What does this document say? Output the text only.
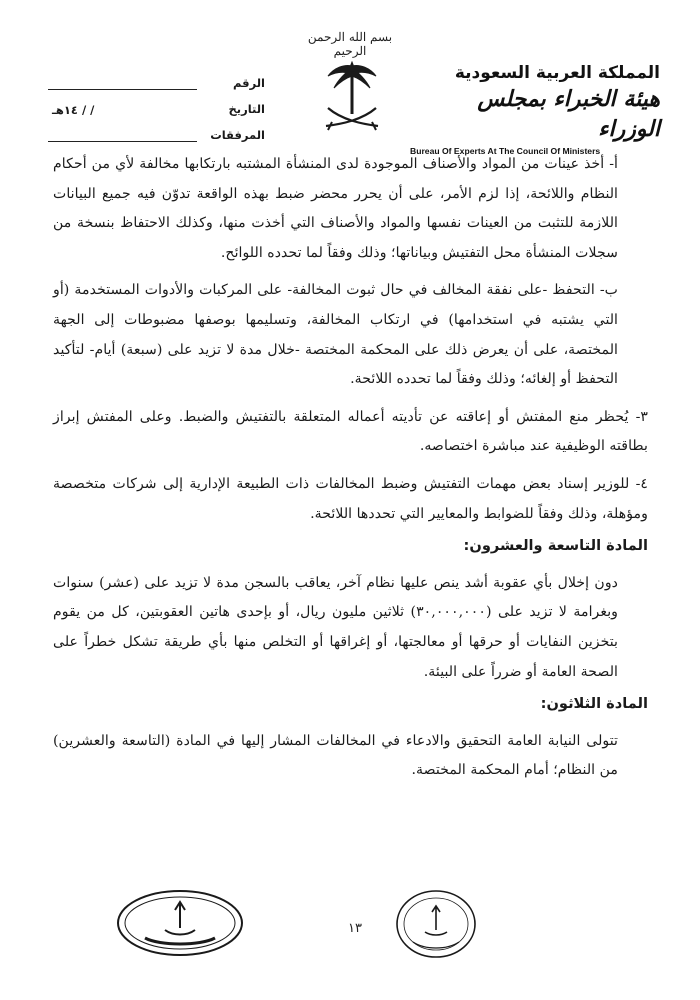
بسم الله الرحمن الرحيم
الرقم
التاريخ
/ / ١٤هـ
المرفقات
المملكة العربية السعودية
هيئة الخبراء بمجلس الوزراء
Bureau Of Experts At The Council Of Ministers

أ- أخذ عينات من المواد والأصناف الموجودة لدى المنشأة المشتبه بارتكابها مخالفة لأي من أحكام النظام واللائحة، إذا لزم الأمر، على أن يحرر محضر ضبط بهذه الواقعة تدوّن فيه جميع البيانات اللازمة للتثبت من العينات نفسها والمواد والأصناف التي أخذت منها، وكذلك الاحتفاظ بنسخة من سجلات المنشأة محل التفتيش وبياناتها؛ وذلك وفقاً لما تحدده اللوائح.

ب- التحفظ -على نفقة المخالف في حال ثبوت المخالفة- على المركبات والأدوات المستخدمة (أو التي يشتبه في استخدامها) في ارتكاب المخالفة، وتسليمها بوصفها مضبوطات إلى الجهة المختصة، على أن يعرض ذلك على المحكمة المختصة -خلال مدة لا تزيد على (سبعة) أيام- لتأكيد التحفظ أو إلغائه؛ وذلك وفقاً لما تحدده اللائحة.

٣- يُحظر منع المفتش أو إعاقته عن تأديته أعماله المتعلقة بالتفتيش والضبط. وعلى المفتش إبراز بطاقته الوظيفية عند مباشرة اختصاصه.

٤- للوزير إسناد بعض مهمات التفتيش وضبط المخالفات ذات الطبيعة الإدارية إلى شركات متخصصة ومؤهلة، وذلك وفقاً للضوابط والمعايير التي تحددها اللائحة.

المادة التاسعة والعشرون:

دون إخلال بأي عقوبة أشد ينص عليها نظام آخر، يعاقب بالسجن مدة لا تزيد على (عشر) سنوات وبغرامة لا تزيد على (٣٠,٠٠٠,٠٠٠) ثلاثين مليون ريال، أو بإحدى هاتين العقوبتين، كل من يقوم بتخزين النفايات أو حرقها أو معالجتها، أو إغراقها أو التخلص منها بأي طريقة تشكل خطراً على الصحة العامة أو ضرراً على البيئة.

المادة الثلاثون:

تتولى النيابة العامة التحقيق والادعاء في المخالفات المشار إليها في المادة (التاسعة والعشرين) من النظام؛ أمام المحكمة المختصة.

١٣
